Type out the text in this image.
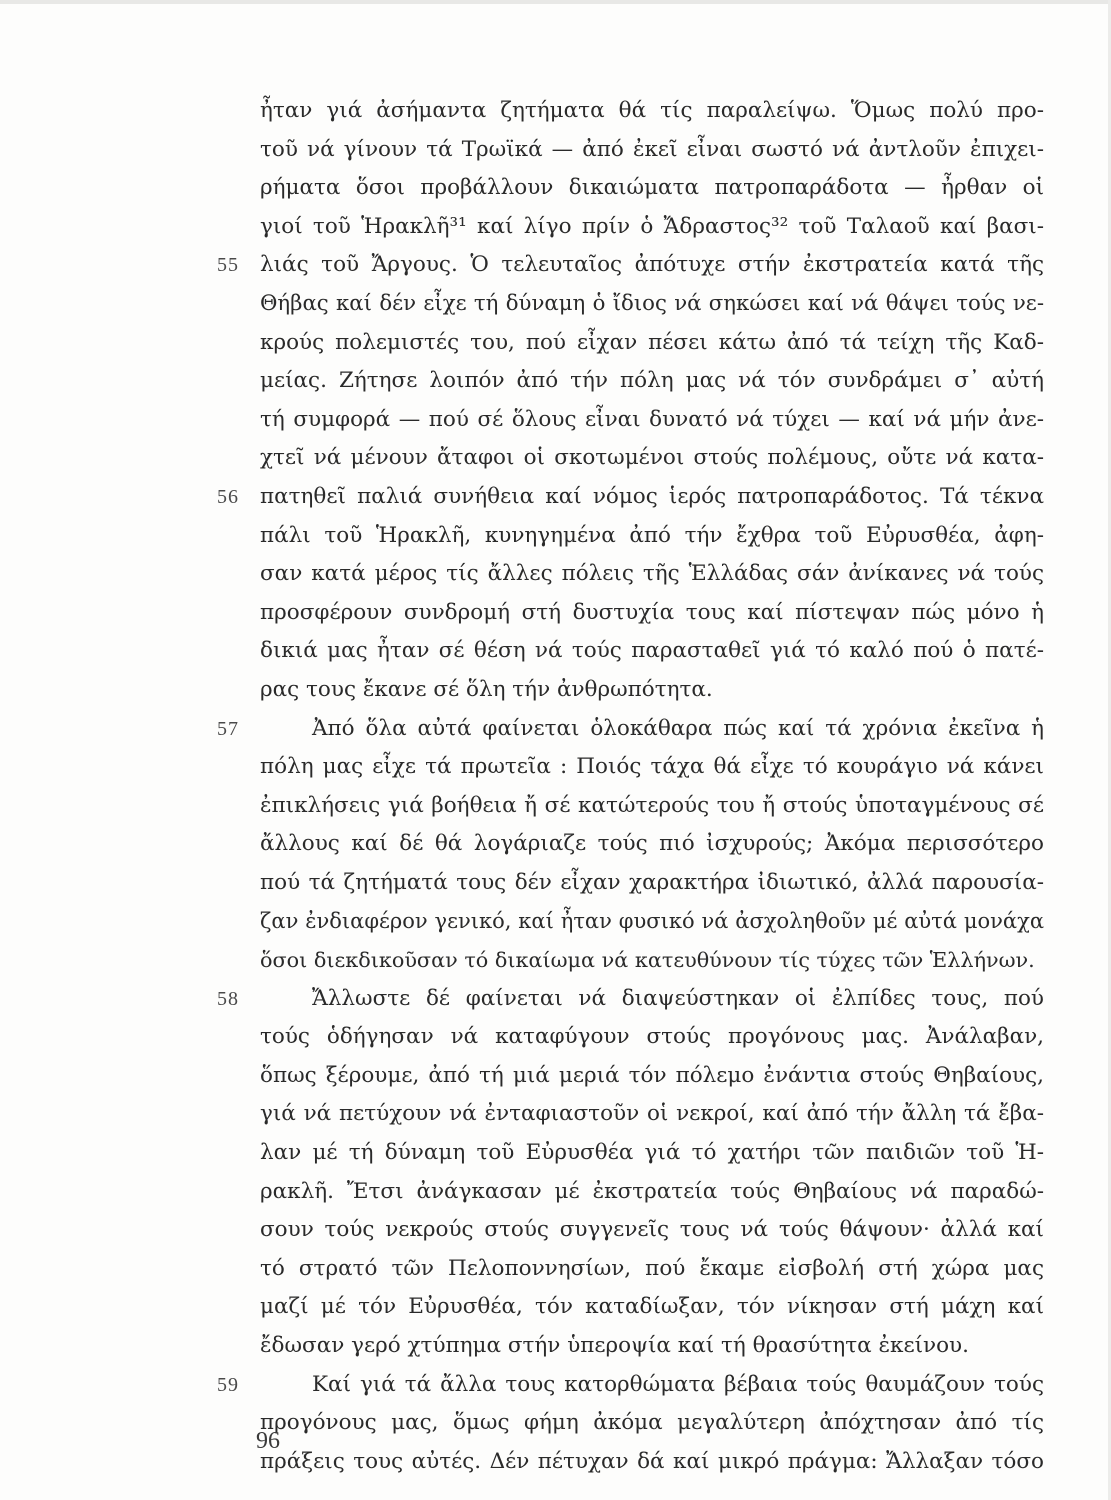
ἦταν γιά ἀσήμαντα ζητήματα θά τίς παραλείψω. Ὅμως πολύ προ-
τοῦ νά γίνουν τά Τρωϊκά — ἀπό ἐκεῖ εἶναι σωστό νά ἀντλοῦν ἐπιχει-
ρήματα ὅσοι προβάλλουν δικαιώματα πατροπαράδοτα — ἦρθαν οἱ
γιοί τοῦ Ἡρακλῆ³¹ καί λίγο πρίν ὁ Ἄδραστος³² τοῦ Ταλαοῦ καί βασι-
55 λιάς τοῦ Ἄργους. Ὁ τελευταῖος ἀπότυχε στήν ἐκστρατεία κατά τῆς
Θήβας καί δέν εἶχε τή δύναμη ὁ ἴδιος νά σηκώσει καί νά θάψει τούς νε-
κρούς πολεμιστές του, πού εἶχαν πέσει κάτω ἀπό τά τείχη τῆς Καδ-
μείας. Ζήτησε λοιπόν ἀπό τήν πόλη μας νά τόν συνδράμει σ᾽ αὐτή
τή συμφορά — πού σέ ὅλους εἶναι δυνατό νά τύχει — καί νά μήν ἀνε-
χτεῖ νά μένουν ἄταφοι οἱ σκοτωμένοι στούς πολέμους, οὔτε νά κατα-
56 πατηθεῖ παλιά συνήθεια καί νόμος ἱερός πατροπαράδοτος. Τά τέκνα
πάλι τοῦ Ἡρακλῆ, κυνηγημένα ἀπό τήν ἔχθρα τοῦ Εὐρυσθέα, ἀφη-
σαν κατά μέρος τίς ἄλλες πόλεις τῆς Ἑλλάδας σάν ἀνίκανες νά τούς
προσφέρουν συνδρομή στή δυστυχία τους καί πίστεψαν πώς μόνο ἡ
δικιά μας ἦταν σέ θέση νά τούς παρασταθεῖ γιά τό καλό πού ὁ πατέ-
ρας τους ἔκανε σέ ὅλη τήν ἀνθρωπότητα.
57	Ἀπό ὅλα αὐτά φαίνεται ὁλοκάθαρα πώς καί τά χρόνια ἐκεῖνα ἡ
πόλη μας εἶχε τά πρωτεῖα : Ποιός τάχα θά εἶχε τό κουράγιο νά κάνει
ἐπικλήσεις γιά βοήθεια ἤ σέ κατώτερούς του ἤ στούς ὑποταγμένους σέ
ἄλλους καί δέ θά λογάριαζε τούς πιό ἰσχυρούς; Ἀκόμα περισσότερο
πού τά ζητήματά τους δέν εἶχαν χαρακτήρα ἰδιωτικό, ἀλλά παρουσία-
ζαν ἐνδιαφέρον γενικό, καί ἦταν φυσικό νά ἀσχοληθοῦν μέ αὐτά μονάχα
ὅσοι διεκδικοῦσαν τό δικαίωμα νά κατευθύνουν τίς τύχες τῶν Ἑλλήνων.
58	Ἄλλωστε δέ φαίνεται νά διαψεύστηκαν οἱ ἐλπίδες τους, πού
τούς ὁδήγησαν νά καταφύγουν στούς προγόνους μας. Ἀνάλαβαν,
ὅπως ξέρουμε, ἀπό τή μιά μεριά τόν πόλεμο ἐνάντια στούς Θηβαίους,
γιά νά πετύχουν νά ἐνταφιαστοῦν οἱ νεκροί, καί ἀπό τήν ἄλλη τά ἔβα-
λαν μέ τή δύναμη τοῦ Εὐρυσθέα γιά τό χατήρι τῶν παιδιῶν τοῦ Ἡ-
ρακλῆ. Ἔτσι ἀνάγκασαν μέ ἐκστρατεία τούς Θηβαίους νά παραδώ-
σουν τούς νεκρούς στούς συγγενεῖς τους νά τούς θάψουν· ἀλλά καί
τό στρατό τῶν Πελοποννησίων, πού ἔκαμε εἰσβολή στή χώρα μας
μαζί μέ τόν Εὐρυσθέα, τόν καταδίωξαν, τόν νίκησαν στή μάχη καί
ἔδωσαν γερό χτύπημα στήν ὑπεροψία καί τή θρασύτητα ἐκείνου.
59	Καί γιά τά ἄλλα τους κατορθώματα βέβαια τούς θαυμάζουν τούς
προγόνους μας, ὅμως φήμη ἀκόμα μεγαλύτερη ἀπόχτησαν ἀπό τίς
πράξεις τους αὐτές. Δέν πέτυχαν δά καί μικρό πράγμα: Ἄλλαξαν τόσο
96
